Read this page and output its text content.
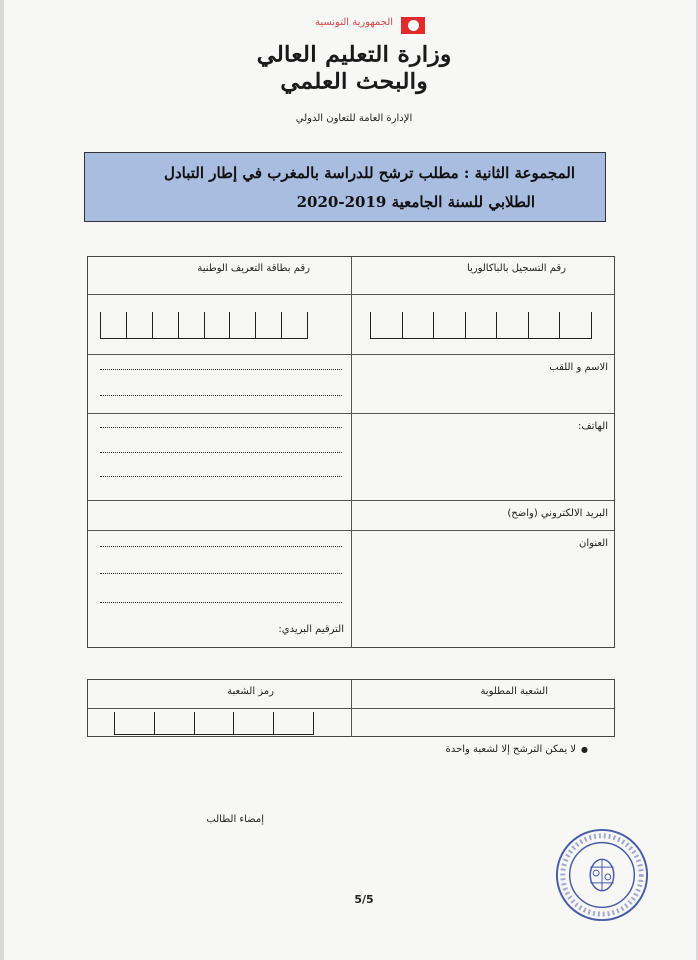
الجمهورية التونسية
وزارة التعليم العالي
والبحث العلمي
الإدارة العامة للتعاون الدولي
المجموعة الثانية : مطلب ترشح للدراسة بالمغرب في إطار التبادل
الطلابي للسنة الجامعية 2019-2020
رقم التسجيل بالباكالوريا
رقم بطاقة التعريف الوطنية
الاسم و اللقب
الهاتف:
البريد الالكتروني (واضح)
العنوان
الترقيم البريدي:
الشعبة المطلوبة
رمز الشعبة
●لا يمكن الترشح إلا لشعبة واحدة
إمضاء الطالب
5/5
